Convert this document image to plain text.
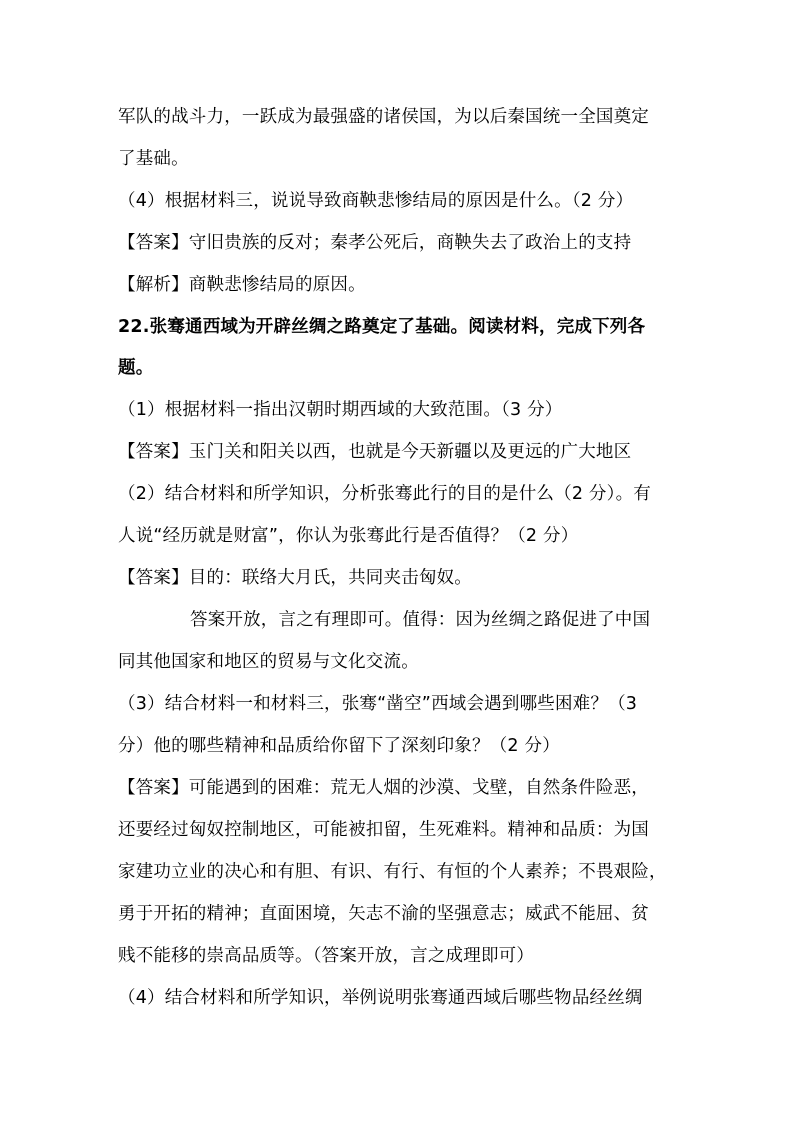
军队的战斗力，一跃成为最强盛的诸侯国，为以后秦国统一全国奠定
了基础。
（4）根据材料三，说说导致商鞅悲惨结局的原因是什么。（2 分）
【答案】守旧贵族的反对；秦孝公死后，商鞅失去了政治上的支持
【解析】商鞅悲惨结局的原因。
22.张骞通西域为开辟丝绸之路奠定了基础。阅读材料，完成下列各
题。
（1）根据材料一指出汉朝时期西域的大致范围。（3 分）
【答案】玉门关和阳关以西，也就是今天新疆以及更远的广大地区
（2）结合材料和所学知识，分析张骞此行的目的是什么（2 分）。有
人说“经历就是财富”，你认为张骞此行是否值得？（2 分）
【答案】目的：联络大月氏，共同夹击匈奴。
答案开放，言之有理即可。值得：因为丝绸之路促进了中国
同其他国家和地区的贸易与文化交流。
（3）结合材料一和材料三，张骞“凿空”西域会遇到哪些困难？（3
分）他的哪些精神和品质给你留下了深刻印象？（2 分）
【答案】可能遇到的困难：荒无人烟的沙漠、戈壁，自然条件险恶，
还要经过匈奴控制地区，可能被扣留，生死难料。精神和品质：为国
家建功立业的决心和有胆、有识、有行、有恒的个人素养；不畏艰险，
勇于开拓的精神；直面困境，矢志不渝的坚强意志；威武不能屈、贫
贱不能移的崇高品质等。（答案开放，言之成理即可）
（4）结合材料和所学知识，举例说明张骞通西域后哪些物品经丝绸
